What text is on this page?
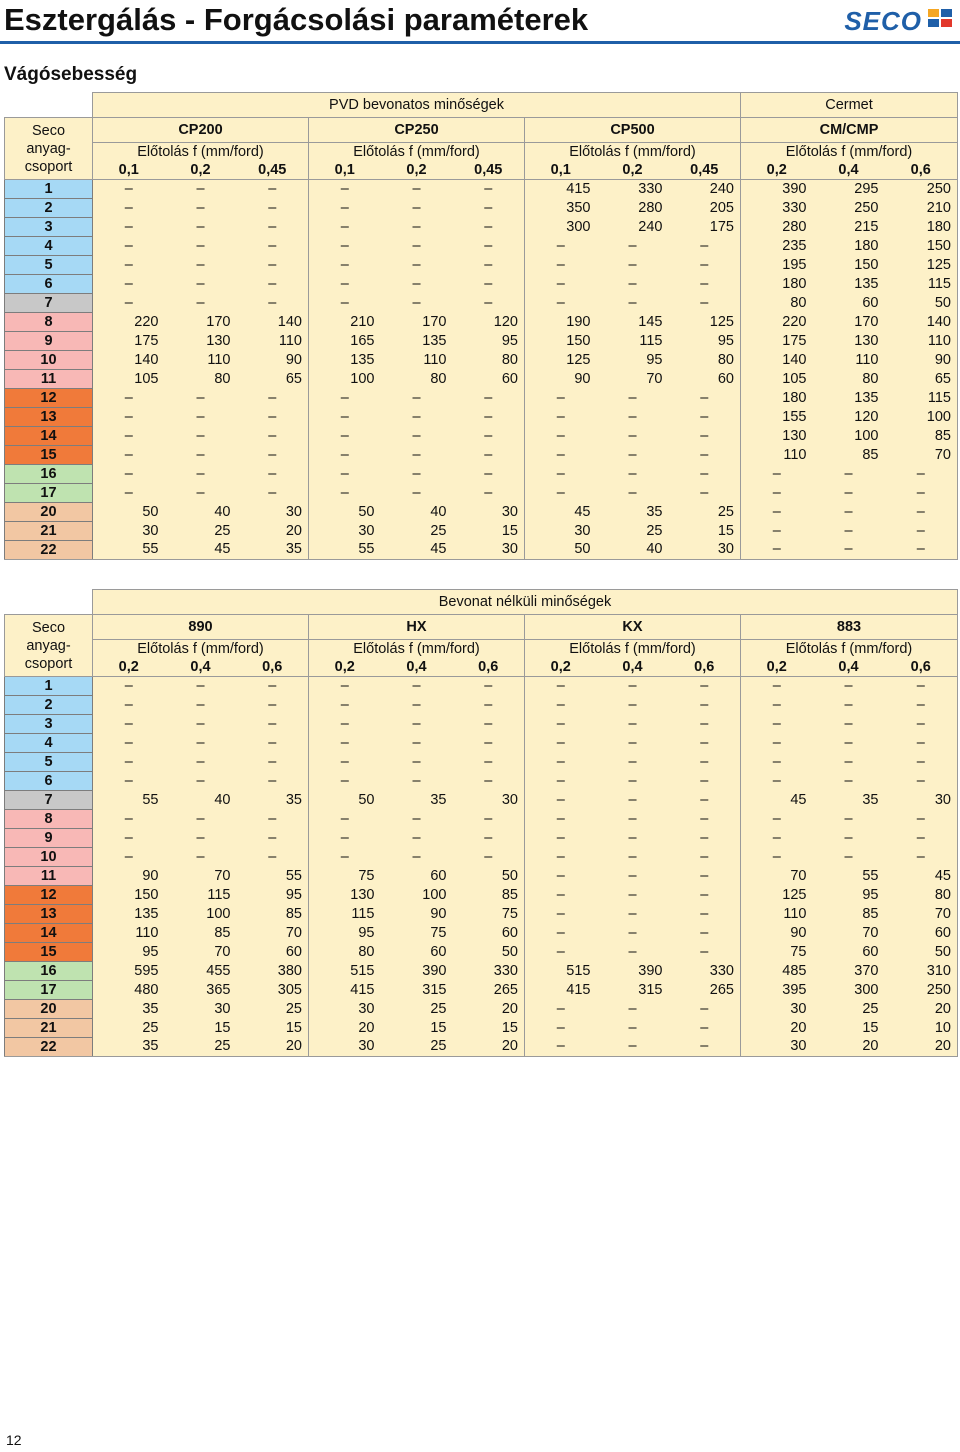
Esztergálás - Forgácsolási paraméterek	SECO
Vágósebesség
	PVD bevonatos minőségek									Cermet		

Seco
anyag-
csoport	CP200			CP250			CP500			CM/CMP		
	Előtolás f (mm/ford)			Előtolás f (mm/ford)			Előtolás f (mm/ford)			Előtolás f (mm/ford)		
	0,1	0,2	0,45	0,1	0,2	0,45	0,1	0,2	0,45	0,2	0,4	0,6
1	–	–	–	–	–	–	415	330	240	390	295	250
2	–	–	–	–	–	–	350	280	205	330	250	210
3	–	–	–	–	–	–	300	240	175	280	215	180
4	–	–	–	–	–	–	–	–	–	235	180	150
5	–	–	–	–	–	–	–	–	–	195	150	125
6	–	–	–	–	–	–	–	–	–	180	135	115
7	–	–	–	–	–	–	–	–	–	80	60	50
8	220	170	140	210	170	120	190	145	125	220	170	140
9	175	130	110	165	135	95	150	115	95	175	130	110
10	140	110	90	135	110	80	125	95	80	140	110	90
11	105	80	65	100	80	60	90	70	60	105	80	65
12	–	–	–	–	–	–	–	–	–	180	135	115
13	–	–	–	–	–	–	–	–	–	155	120	100
14	–	–	–	–	–	–	–	–	–	130	100	85
15	–	–	–	–	–	–	–	–	–	110	85	70
16	–	–	–	–	–	–	–	–	–	–	–	–
17	–	–	–	–	–	–	–	–	–	–	–	–
20	50	40	30	50	40	30	45	35	25	–	–	–
21	30	25	20	30	25	15	30	25	15	–	–	–
22	55	45	35	55	45	30	50	40	30	–	–	–
	Bevonat nélküli minőségek											

Seco
anyag-
csoport	890			HX			KX			883		
	Előtolás f (mm/ford)			Előtolás f (mm/ford)			Előtolás f (mm/ford)			Előtolás f (mm/ford)		
	0,2	0,4	0,6	0,2	0,4	0,6	0,2	0,4	0,6	0,2	0,4	0,6
1	–	–	–	–	–	–	–	–	–	–	–	–
2	–	–	–	–	–	–	–	–	–	–	–	–
3	–	–	–	–	–	–	–	–	–	–	–	–
4	–	–	–	–	–	–	–	–	–	–	–	–
5	–	–	–	–	–	–	–	–	–	–	–	–
6	–	–	–	–	–	–	–	–	–	–	–	–
7	55	40	35	50	35	30	–	–	–	45	35	30
8	–	–	–	–	–	–	–	–	–	–	–	–
9	–	–	–	–	–	–	–	–	–	–	–	–
10	–	–	–	–	–	–	–	–	–	–	–	–
11	90	70	55	75	60	50	–	–	–	70	55	45
12	150	115	95	130	100	85	–	–	–	125	95	80
13	135	100	85	115	90	75	–	–	–	110	85	70
14	110	85	70	95	75	60	–	–	–	90	70	60
15	95	70	60	80	60	50	–	–	–	75	60	50
16	595	455	380	515	390	330	515	390	330	485	370	310
17	480	365	305	415	315	265	415	315	265	395	300	250
20	35	30	25	30	25	20	–	–	–	30	25	20
21	25	15	15	20	15	15	–	–	–	20	15	10
22	35	25	20	30	25	20	–	–	–	30	20	20
12
